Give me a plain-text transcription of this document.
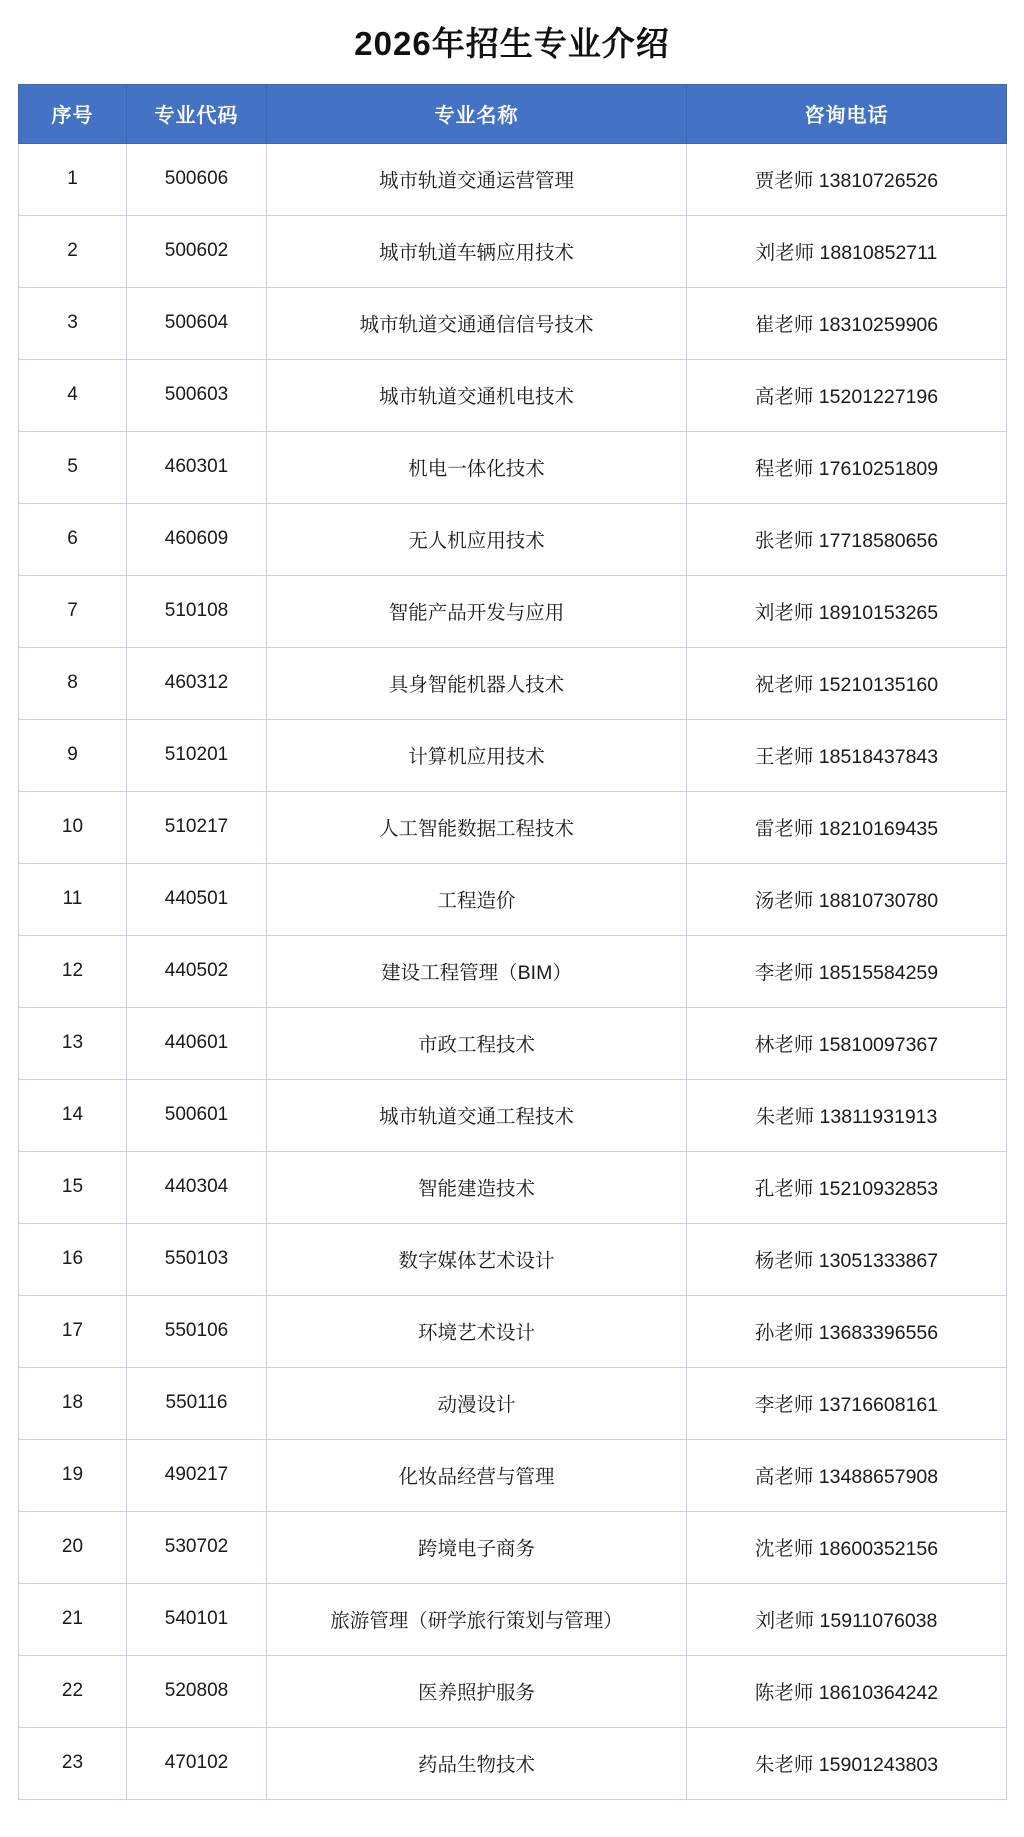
2026年招生专业介绍
序号	专业代码	专业名称	咨询电话
1	500606	城市轨道交通运营管理	贾老师 13810726526
2	500602	城市轨道车辆应用技术	刘老师 18810852711
3	500604	城市轨道交通通信信号技术	崔老师 18310259906
4	500603	城市轨道交通机电技术	高老师 15201227196
5	460301	机电一体化技术	程老师 17610251809
6	460609	无人机应用技术	张老师 17718580656
7	510108	智能产品开发与应用	刘老师 18910153265
8	460312	具身智能机器人技术	祝老师 15210135160
9	510201	计算机应用技术	王老师 18518437843
10	510217	人工智能数据工程技术	雷老师 18210169435
11	440501	工程造价	汤老师 18810730780
12	440502	建设工程管理（BIM）	李老师 18515584259
13	440601	市政工程技术	林老师 15810097367
14	500601	城市轨道交通工程技术	朱老师 13811931913
15	440304	智能建造技术	孔老师 15210932853
16	550103	数字媒体艺术设计	杨老师 13051333867
17	550106	环境艺术设计	孙老师 13683396556
18	550116	动漫设计	李老师 13716608161
19	490217	化妆品经营与管理	高老师 13488657908
20	530702	跨境电子商务	沈老师 18600352156
21	540101	旅游管理（研学旅行策划与管理）	刘老师 15911076038
22	520808	医养照护服务	陈老师 18610364242
23	470102	药品生物技术	朱老师 15901243803
